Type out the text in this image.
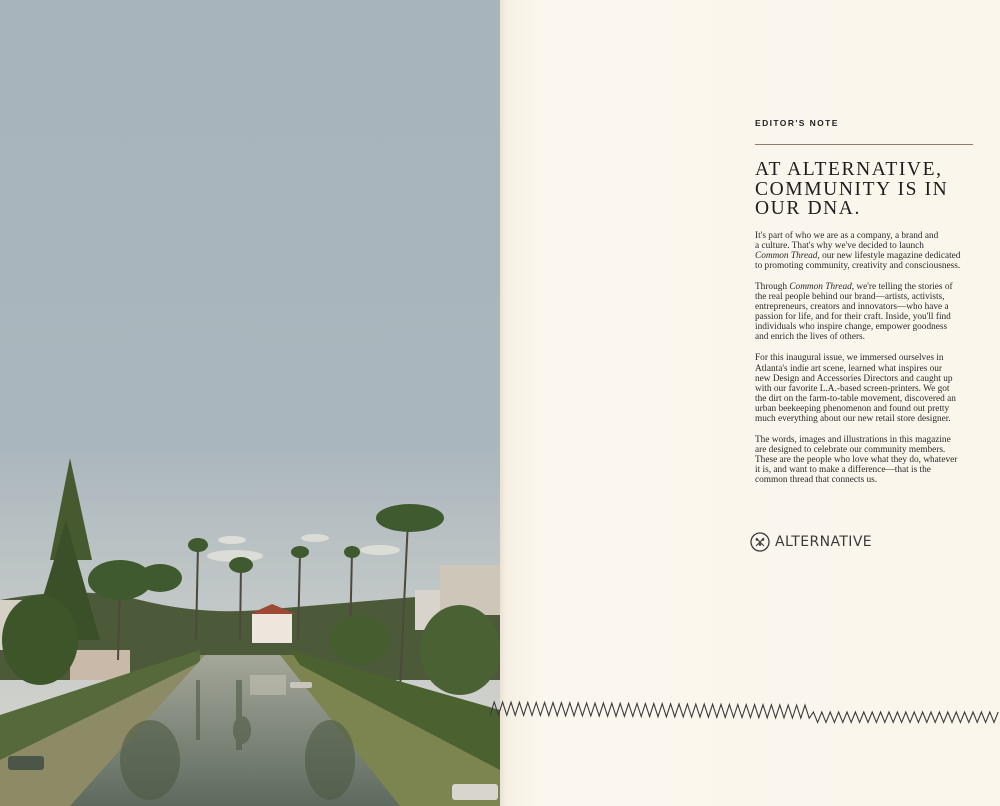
EDITOR'S NOTE
AT ALTERNATIVE,
COMMUNITY IS IN
OUR DNA.
It's part of who we are as a company, a brand and
a culture. That's why we've decided to launch
Common Thread, our new lifestyle magazine dedicated
to promoting community, creativity and consciousness.
Through Common Thread, we're telling the stories of
the real people behind our brand—artists, activists,
entrepreneurs, creators and innovators—who have a
passion for life, and for their craft. Inside, you'll find
individuals who inspire change, empower goodness
and enrich the lives of others.
For this inaugural issue, we immersed ourselves in
Atlanta's indie art scene, learned what inspires our
new Design and Accessories Directors and caught up
with our favorite L.A.-based screen-printers. We got
the dirt on the farm-to-table movement, discovered an
urban beekeeping phenomenon and found out pretty
much everything about our new retail store designer.
The words, images and illustrations in this magazine
are designed to celebrate our community members.
These are the people who love what they do, whatever
it is, and want to make a difference—that is the
common thread that connects us.
ALTERNATIVE
